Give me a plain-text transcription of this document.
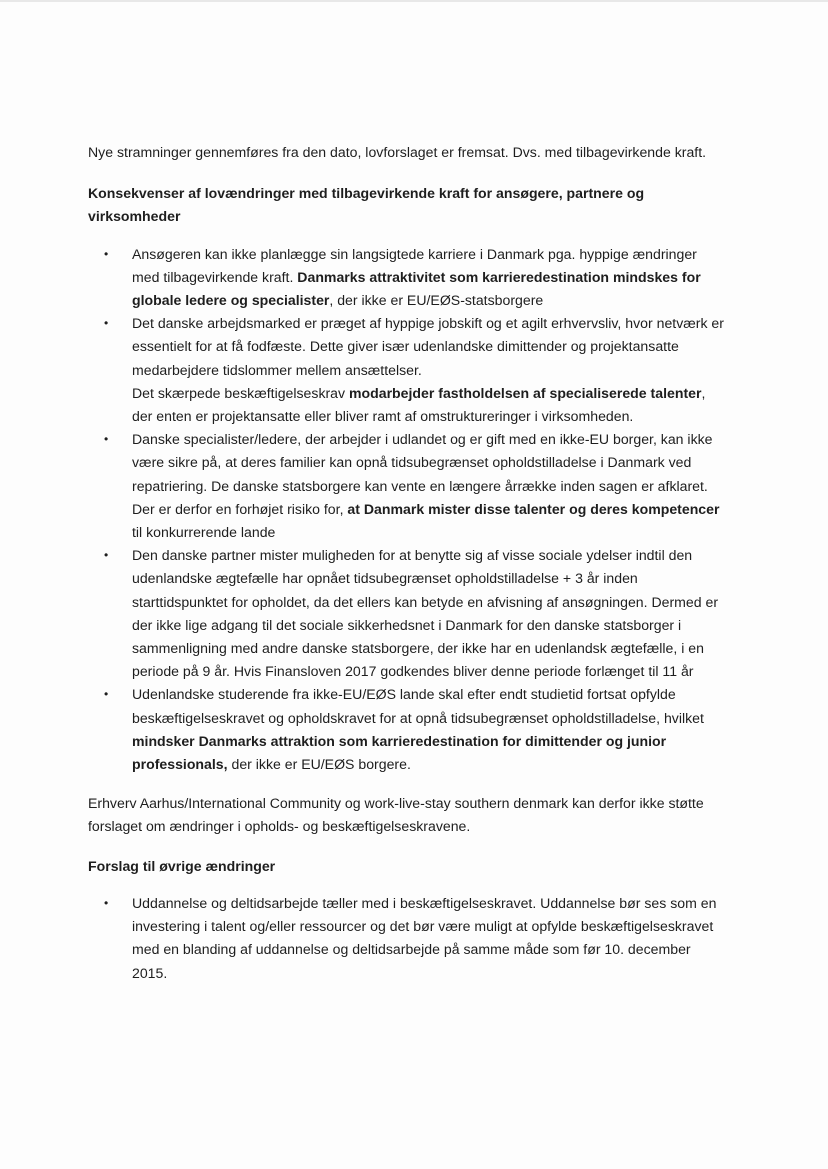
Nye stramninger gennemføres fra den dato, lovforslaget er fremsat. Dvs. med tilbagevirkende kraft.

Konsekvenser af lovændringer med tilbagevirkende kraft for ansøgere, partnere og virksomheder
• Ansøgeren kan ikke planlægge sin langsigtede karriere i Danmark pga. hyppige ændringer med tilbagevirkende kraft. Danmarks attraktivitet som karrieredestination mindskes for globale ledere og specialister, der ikke er EU/EØS-statsborgere
• Det danske arbejdsmarked er præget af hyppige jobskift og et agilt erhvervsliv, hvor netværk er essentielt for at få fodfæste. Dette giver især udenlandske dimittender og projektansatte medarbejdere tidslommer mellem ansættelser.
Det skærpede beskæftigelseskrav modarbejder fastholdelsen af specialiserede talenter, der enten er projektansatte eller bliver ramt af omstruktureringer i virksomheden.
• Danske specialister/ledere, der arbejder i udlandet og er gift med en ikke-EU borger, kan ikke være sikre på, at deres familier kan opnå tidsubegrænset opholdstilladelse i Danmark ved repatriering. De danske statsborgere kan vente en længere årrække inden sagen er afklaret. Der er derfor en forhøjet risiko for, at Danmark mister disse talenter og deres kompetencer til konkurrerende lande
• Den danske partner mister muligheden for at benytte sig af visse sociale ydelser indtil den udenlandske ægtefælle har opnået tidsubegrænset opholdstilladelse + 3 år inden starttidspunktet for opholdet, da det ellers kan betyde en afvisning af ansøgningen. Dermed er der ikke lige adgang til det sociale sikkerhedsnet i Danmark for den danske statsborger i sammenligning med andre danske statsborgere, der ikke har en udenlandsk ægtefælle, i en periode på 9 år. Hvis Finansloven 2017 godkendes bliver denne periode forlænget til 11 år
• Udenlandske studerende fra ikke-EU/EØS lande skal efter endt studietid fortsat opfylde beskæftigelseskravet og opholdskravet for at opnå tidsubegrænset opholdstilladelse, hvilket mindsker Danmarks attraktion som karrieredestination for dimittender og junior professionals, der ikke er EU/EØS borgere.

Erhverv Aarhus/International Community og work-live-stay southern denmark kan derfor ikke støtte forslaget om ændringer i opholds- og beskæftigelseskravene.

Forslag til øvrige ændringer
• Uddannelse og deltidsarbejde tæller med i beskæftigelseskravet. Uddannelse bør ses som en investering i talent og/eller ressourcer og det bør være muligt at opfylde beskæftigelseskravet med en blanding af uddannelse og deltidsarbejde på samme måde som før 10. december 2015.
